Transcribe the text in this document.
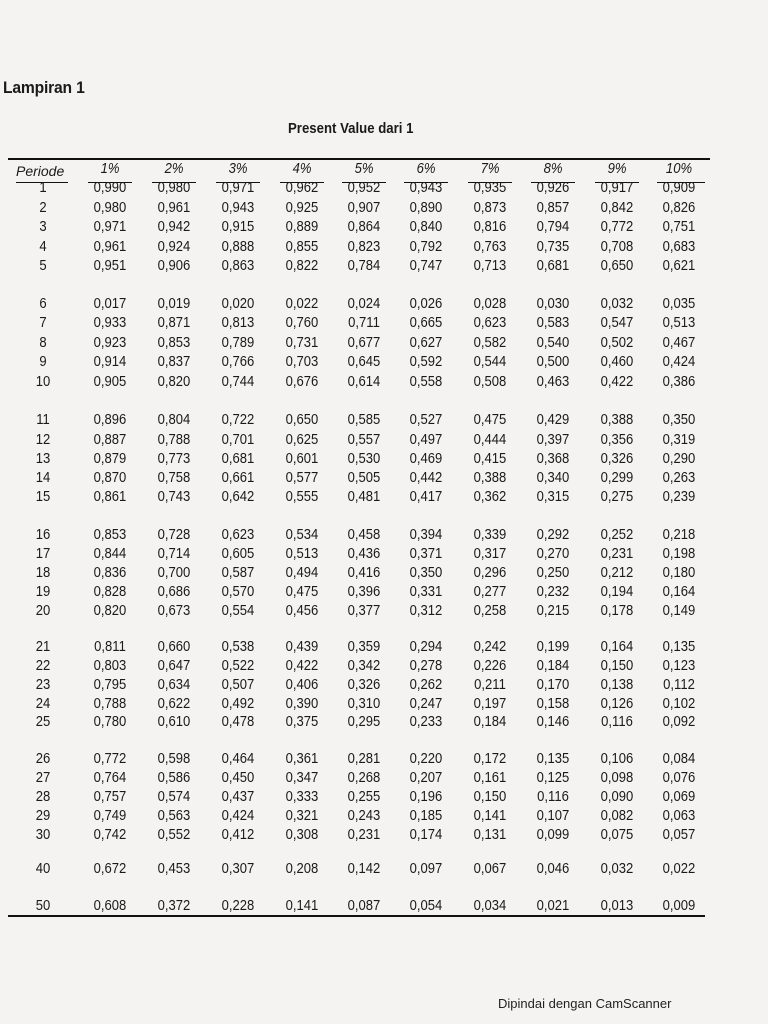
Lampiran 1
Present Value dari 1
Periode	1%	2%	3%	4%	5%	6%	7%	8%	9%	10%
1	0,990	0,980	0,971	0,962	0,952	0,943	0,935	0,926	0,917	0,909
2	0,980	0,961	0,943	0,925	0,907	0,890	0,873	0,857	0,842	0,826
3	0,971	0,942	0,915	0,889	0,864	0,840	0,816	0,794	0,772	0,751
4	0,961	0,924	0,888	0,855	0,823	0,792	0,763	0,735	0,708	0,683
5	0,951	0,906	0,863	0,822	0,784	0,747	0,713	0,681	0,650	0,621
6	0,017	0,019	0,020	0,022	0,024	0,026	0,028	0,030	0,032	0,035
7	0,933	0,871	0,813	0,760	0,711	0,665	0,623	0,583	0,547	0,513
8	0,923	0,853	0,789	0,731	0,677	0,627	0,582	0,540	0,502	0,467
9	0,914	0,837	0,766	0,703	0,645	0,592	0,544	0,500	0,460	0,424
10	0,905	0,820	0,744	0,676	0,614	0,558	0,508	0,463	0,422	0,386
11	0,896	0,804	0,722	0,650	0,585	0,527	0,475	0,429	0,388	0,350
12	0,887	0,788	0,701	0,625	0,557	0,497	0,444	0,397	0,356	0,319
13	0,879	0,773	0,681	0,601	0,530	0,469	0,415	0,368	0,326	0,290
14	0,870	0,758	0,661	0,577	0,505	0,442	0,388	0,340	0,299	0,263
15	0,861	0,743	0,642	0,555	0,481	0,417	0,362	0,315	0,275	0,239
16	0,853	0,728	0,623	0,534	0,458	0,394	0,339	0,292	0,252	0,218
17	0,844	0,714	0,605	0,513	0,436	0,371	0,317	0,270	0,231	0,198
18	0,836	0,700	0,587	0,494	0,416	0,350	0,296	0,250	0,212	0,180
19	0,828	0,686	0,570	0,475	0,396	0,331	0,277	0,232	0,194	0,164
20	0,820	0,673	0,554	0,456	0,377	0,312	0,258	0,215	0,178	0,149
21	0,811	0,660	0,538	0,439	0,359	0,294	0,242	0,199	0,164	0,135
22	0,803	0,647	0,522	0,422	0,342	0,278	0,226	0,184	0,150	0,123
23	0,795	0,634	0,507	0,406	0,326	0,262	0,211	0,170	0,138	0,112
24	0,788	0,622	0,492	0,390	0,310	0,247	0,197	0,158	0,126	0,102
25	0,780	0,610	0,478	0,375	0,295	0,233	0,184	0,146	0,116	0,092
26	0,772	0,598	0,464	0,361	0,281	0,220	0,172	0,135	0,106	0,084
27	0,764	0,586	0,450	0,347	0,268	0,207	0,161	0,125	0,098	0,076
28	0,757	0,574	0,437	0,333	0,255	0,196	0,150	0,116	0,090	0,069
29	0,749	0,563	0,424	0,321	0,243	0,185	0,141	0,107	0,082	0,063
30	0,742	0,552	0,412	0,308	0,231	0,174	0,131	0,099	0,075	0,057
40	0,672	0,453	0,307	0,208	0,142	0,097	0,067	0,046	0,032	0,022
50	0,608	0,372	0,228	0,141	0,087	0,054	0,034	0,021	0,013	0,009
Dipindai dengan CamScanner
